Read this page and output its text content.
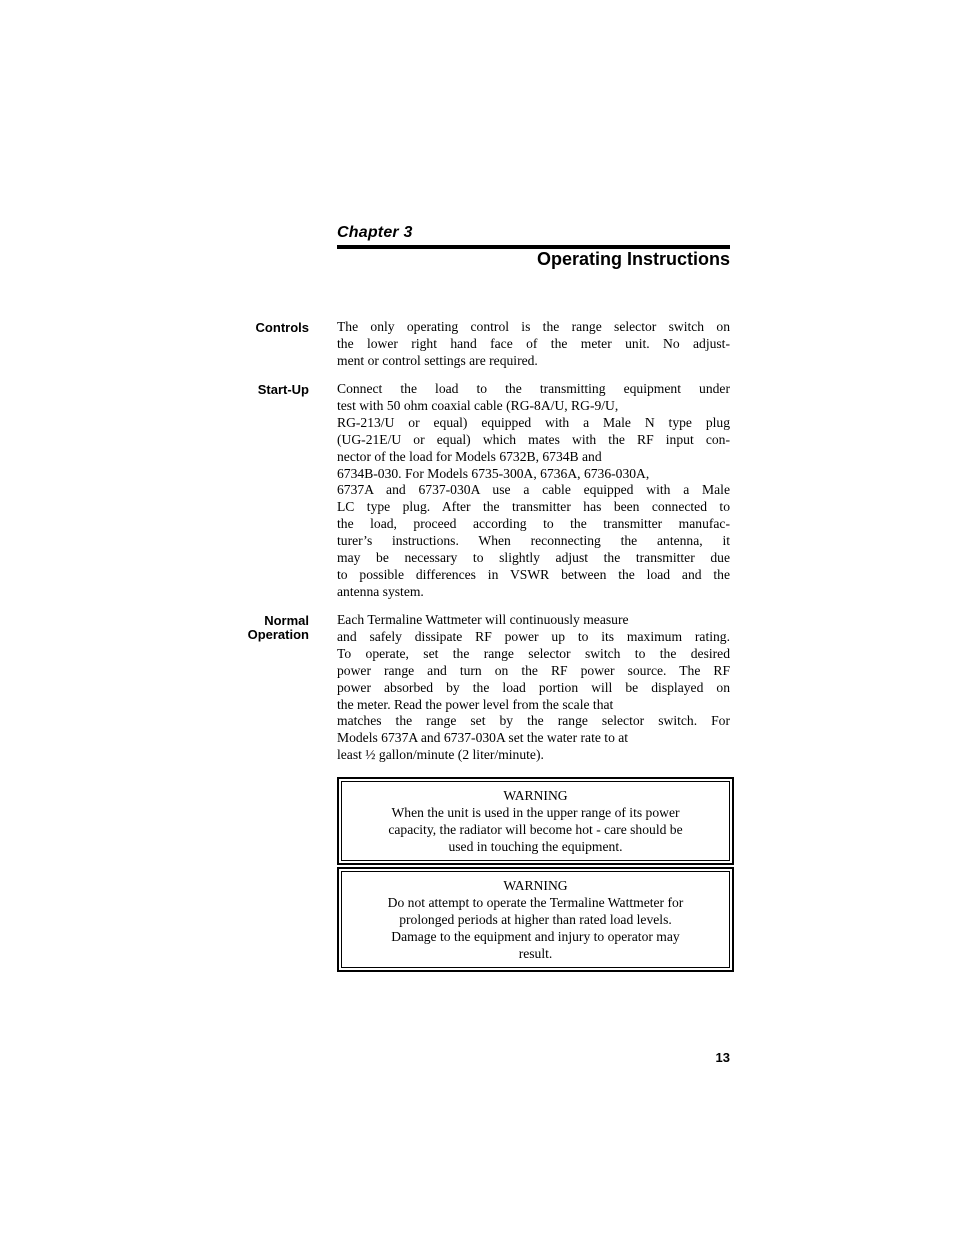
Chapter 3
Operating Instructions
Controls The only operating control is the range selector switch on
the lower right hand face of the meter unit. No adjust-
ment or control settings are required.
Start-Up Connect the load to the transmitting equipment under
test with 50 ohm coaxial cable (RG-8A/U, RG-9/U,
RG-213/U or equal) equipped with a Male N type plug
(UG-21E/U or equal) which mates with the RF input con-
nector of the load for Models 6732B, 6734B and
6734B-030. For Models 6735-300A, 6736A, 6736-030A,
6737A and 6737-030A use a cable equipped with a Male
LC type plug. After the transmitter has been connected to
the load, proceed according to the transmitter manufac-
turer’s instructions. When reconnecting the antenna, it
may be necessary to slightly adjust the transmitter due
to possible differences in VSWR between the load and the
antenna system.
Normal
Operation
Each Termaline Wattmeter will continuously measure
and safely dissipate RF power up to its maximum rating.
To operate, set the range selector switch to the desired
power range and turn on the RF power source. The RF
power absorbed by the load portion will be displayed on
the meter. Read the power level from the scale that
matches the range set by the range selector switch. For
Models 6737A and 6737-030A set the water rate to at
least ½ gallon/minute (2 liter/minute).
WARNING
When the unit is used in the upper range of its power
capacity, the radiator will become hot - care should be
used in touching the equipment.
WARNING
Do not attempt to operate the Termaline Wattmeter for
prolonged periods at higher than rated load levels.
Damage to the equipment and injury to operator may
result.
13
